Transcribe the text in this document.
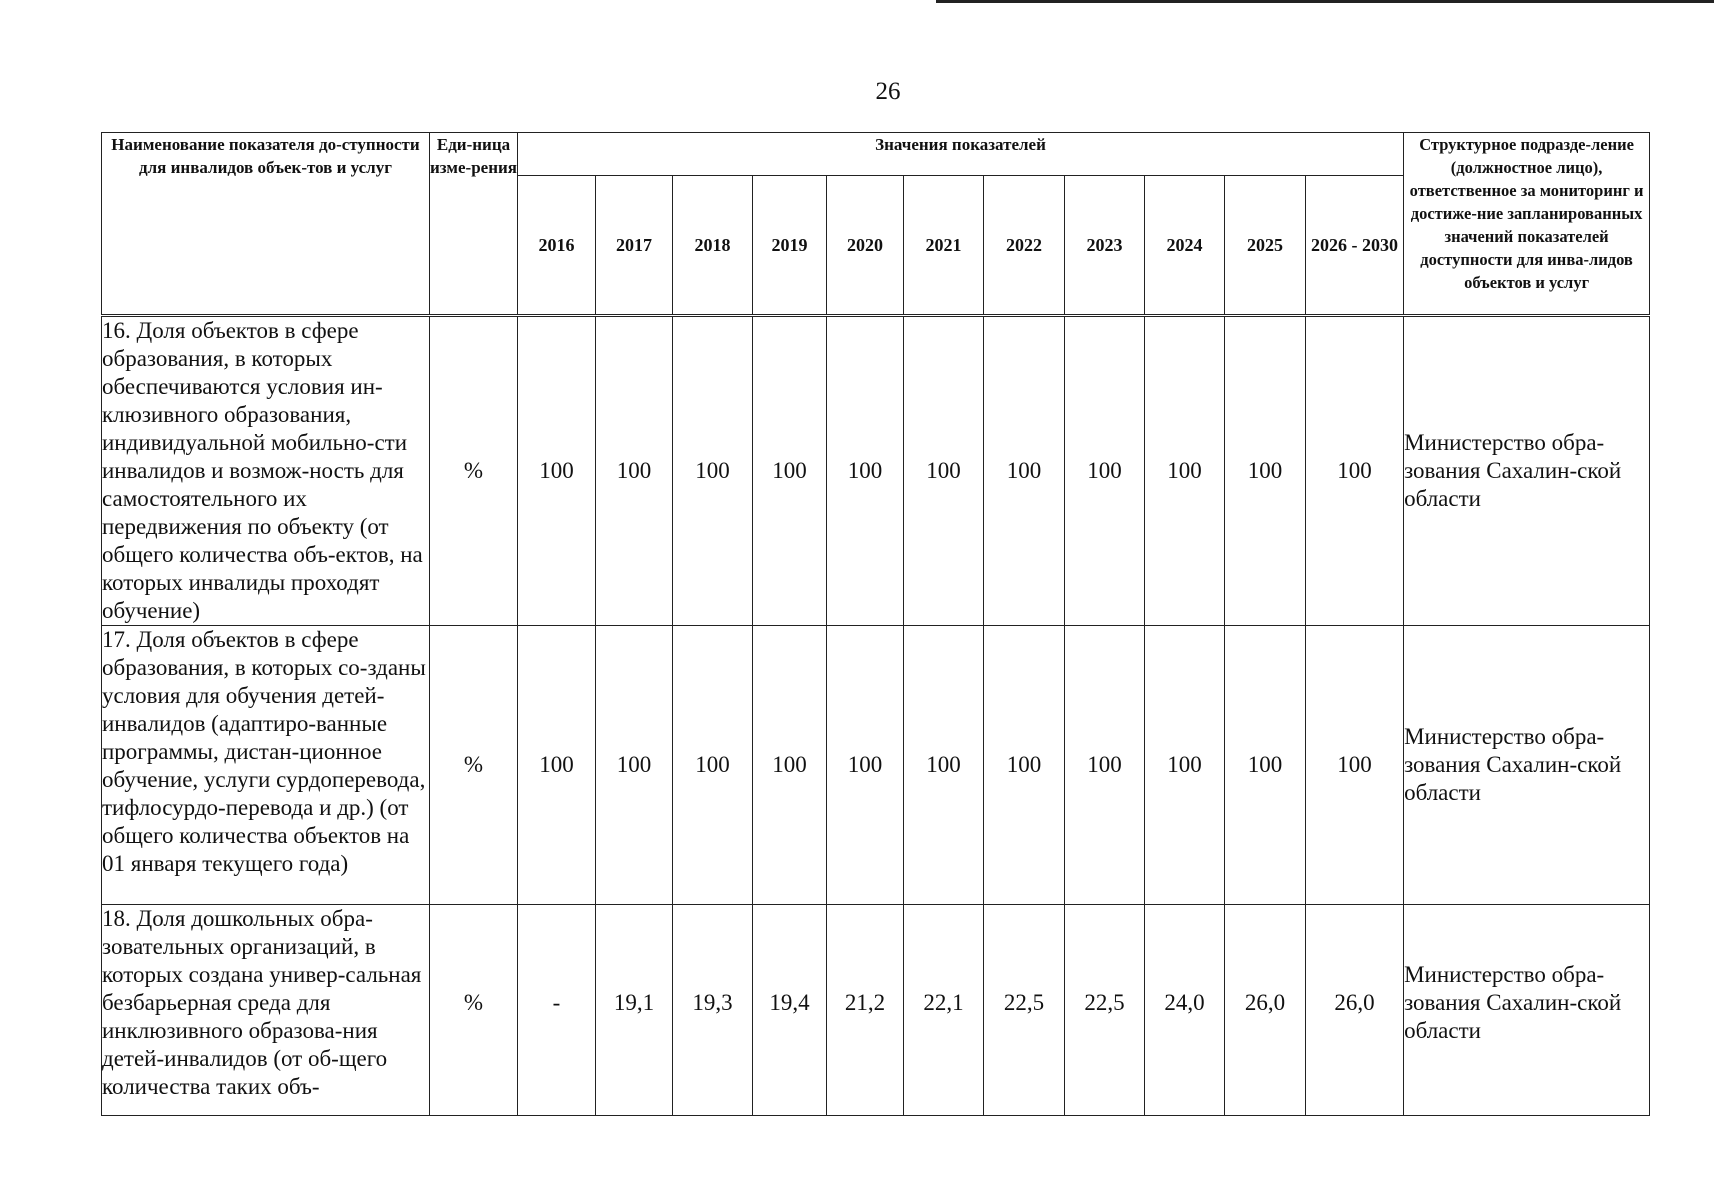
26
Наименование показателя до-ступности для инвалидов объек-тов и услуг	Еди-ница изме-рения	Значения показателей											Структурное подразде-ление (должностное лицо), ответственное за мониторинг и достиже-ние запланированных значений показателей доступности для инва-лидов объектов и услуг
		2016	2017	2018	2019	2020	2021	2022	2023	2024	2025	2026 - 2030	
16. Доля объектов в сфере образования, в которых обеспечиваются условия ин-клюзивного образования, индивидуальной мобильно-сти инвалидов и возмож-ность для самостоятельного их передвижения по объекту (от общего количества объ-ектов, на которых инвалиды проходят обучение)	%	100	100	100	100	100	100	100	100	100	100	100	Министерство обра-зования Сахалин-ской области
17. Доля объектов в сфере образования, в которых со-зданы условия для обучения детей-инвалидов (адаптиро-ванные программы, дистан-ционное обучение, услуги сурдоперевода, тифлосурдо-перевода и др.) (от общего количества объектов на 01 января текущего года)	%	100	100	100	100	100	100	100	100	100	100	100	Министерство обра-зования Сахалин-ской области
18. Доля дошкольных обра-зовательных организаций, в которых создана универ-сальная безбарьерная среда для инклюзивного образова-ния детей-инвалидов (от об-щего количества таких объ-	%	-	19,1	19,3	19,4	21,2	22,1	22,5	22,5	24,0	26,0	26,0	Министерство обра-зования Сахалин-ской области
